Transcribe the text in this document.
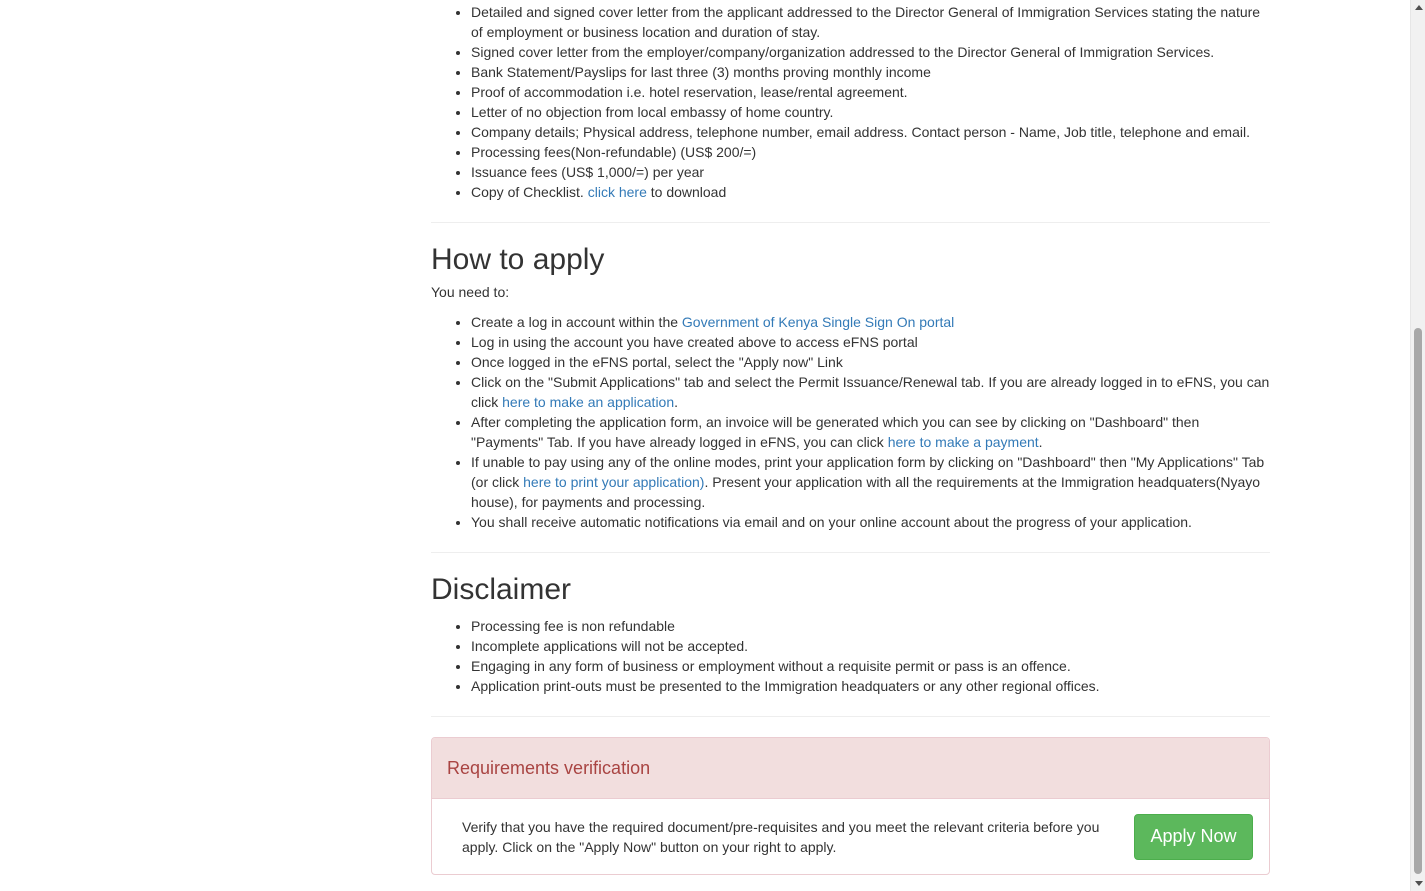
• Detailed and signed cover letter from the applicant addressed to the Director General of Immigration Services stating the nature of employment or business location and duration of stay.
• Signed cover letter from the employer/company/organization addressed to the Director General of Immigration Services.
• Bank Statement/Payslips for last three (3) months proving monthly income
• Proof of accommodation i.e. hotel reservation, lease/rental agreement.
• Letter of no objection from local embassy of home country.
• Company details; Physical address, telephone number, email address. Contact person - Name, Job title, telephone and email.
• Processing fees(Non-refundable) (US$ 200/=)
• Issuance fees (US$ 1,000/=) per year
• Copy of Checklist. click here to download
How to apply

You need to:

• Create a log in account within the Government of Kenya Single Sign On portal
• Log in using the account you have created above to access eFNS portal
• Once logged in the eFNS portal, select the "Apply now" Link
• Click on the "Submit Applications" tab and select the Permit Issuance/Renewal tab. If you are already logged in to eFNS, you can click here to make an application.
• After completing the application form, an invoice will be generated which you can see by clicking on "Dashboard" then "Payments" Tab. If you have already logged in eFNS, you can click here to make a payment.
• If unable to pay using any of the online modes, print your application form by clicking on "Dashboard" then "My Applications" Tab (or click here to print your application). Present your application with all the requirements at the Immigration headquaters(Nyayo house), for payments and processing.
• You shall receive automatic notifications via email and on your online account about the progress of your application.
Disclaimer
• Processing fee is non refundable
• Incomplete applications will not be accepted.
• Engaging in any form of business or employment without a requisite permit or pass is an offence.
• Application print-outs must be presented to the Immigration headquaters or any other regional offices.
Requirements verification
Verify that you have the required document/pre-requisites and you meet the relevant criteria before you apply. Click on the "Apply Now" button on your right to apply.
Apply Now
